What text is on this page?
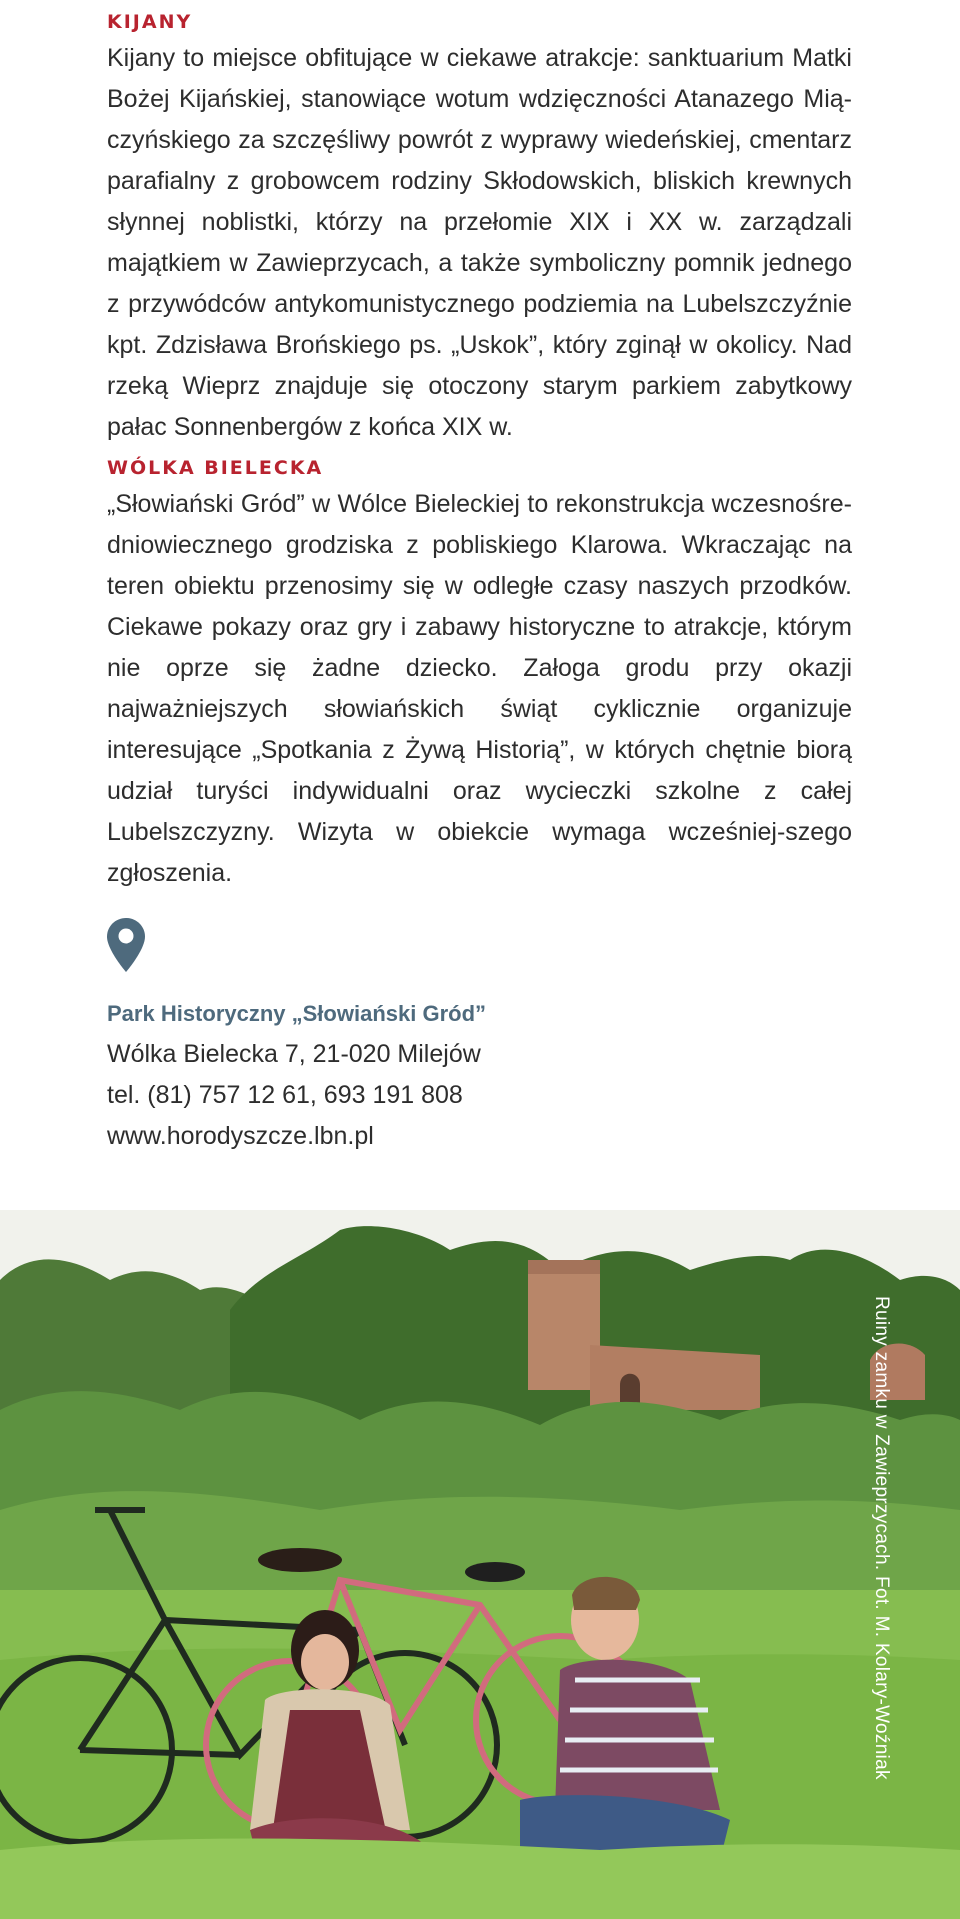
KIJANY

Kijany to miejsce obfitujące w ciekawe atrakcje: sanktuarium Matki Bożej Kijańskiej, stanowiące wotum wdzięczności Atanazego Mią-czyńskiego za szczęśliwy powrót z wyprawy wiedeńskiej, cmentarz parafialny z grobowcem rodziny Skłodowskich, bliskich krewnych słynnej noblistki, którzy na przełomie XIX i XX w. zarządzali majątkiem w Zawieprzycach, a także symboliczny pomnik jednego z przywódców antykomunistycznego podziemia na Lubelszczyźnie kpt. Zdzisława Brońskiego ps. „Uskok”, który zginął w okolicy. Nad rzeką Wieprz znajduje się otoczony starym parkiem zabytkowy pałac Sonnenbergów z końca XIX w.

WÓLKA BIELECKA

„Słowiański Gród” w Wólce Bieleckiej to rekonstrukcja wczesnośre-dniowiecznego grodziska z pobliskiego Klarowa. Wkraczając na teren obiektu przenosimy się w odległe czasy naszych przodków. Ciekawe pokazy oraz gry i zabawy historyczne to atrakcje, którym nie oprze się żadne dziecko. Załoga grodu przy okazji najważniejszych słowiańskich świąt cyklicznie organizuje interesujące „Spotkania z Żywą Historią”, w których chętnie biorą udział turyści indywidualni oraz wycieczki szkolne z całej Lubelszczyzny. Wizyta w obiekcie wymaga wcześniej-szego zgłoszenia.

Park Historyczny „Słowiański Gród”
Wólka Bielecka 7, 21-020 Milejów
tel. (81) 757 12 61, 693 191 808
www.horodyszcze.lbn.pl
Ruiny zamku w Zawieprzycach. Fot. M. Kolary-Woźniak
